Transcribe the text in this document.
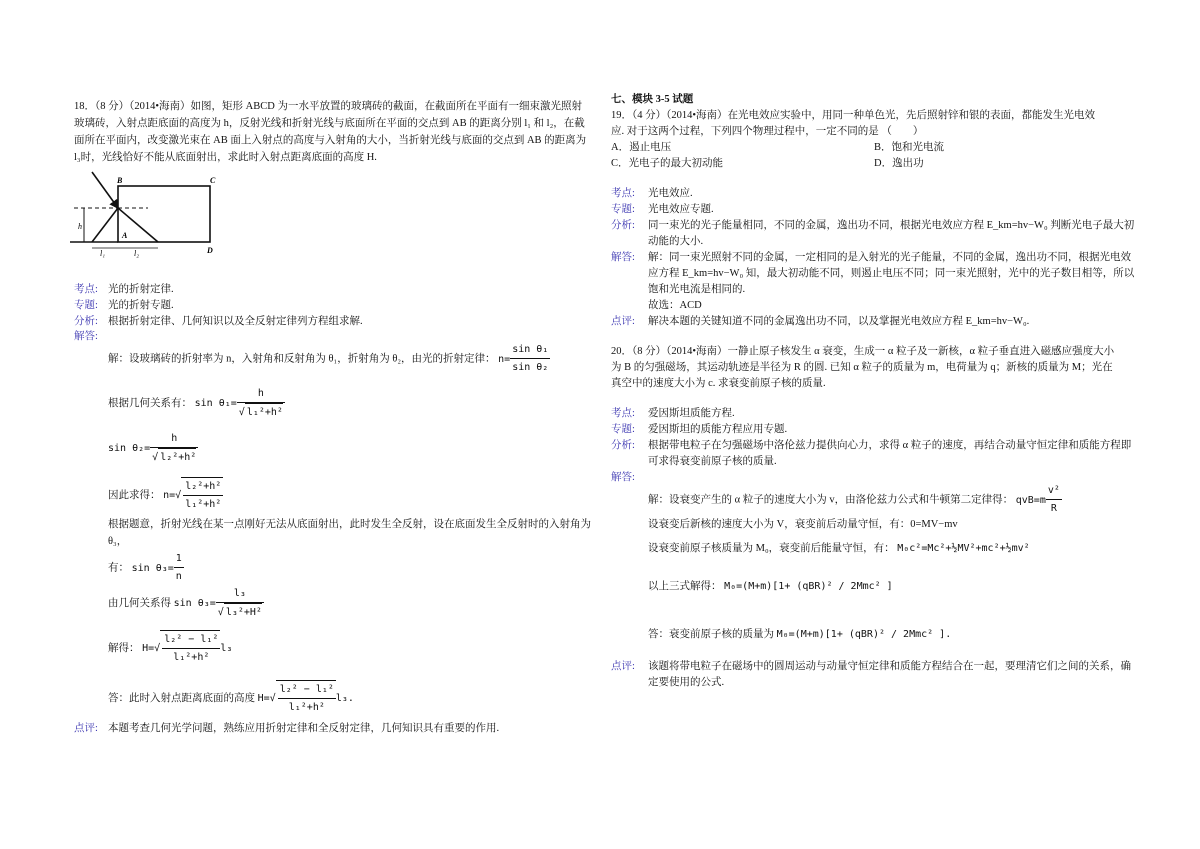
18．（8 分）（2014•海南）如图，矩形 ABCD 为一水平放置的玻璃砖的截面，在截面所在平面有一细束激光照射
玻璃砖，入射点距底面的高度为 h，反射光线和折射光线与底面所在平面的交点到 AB 的距离分别 l₁ 和 l₂，在截
面所在平面内，改变激光束在 AB 面上入射点的高度与入射角的大小，当折射光线与底面的交点到 AB 的距离为
l₃时，光线恰好不能从底面射出，求此时入射点距离底面的高度 H.
B	C
A
D
h
l₁	l₂
考点: 光的折射定律.
专题: 光的折射专题.
分析: 根据折射定律、几何知识以及全反射定律列方程组求解.
解答:
解：设玻璃砖的折射率为 n，入射角和反射角为 θ₁，折射角为 θ₂，由光的折射定律： $n= \frac{\text{sin θ₁}}{\text{sin θ₂}}$
根据几何关系有： $\sin \theta_1= \frac{h}{\text{√ l₁²+h²}}$
$\sin \theta_2= \frac{h}{\text{√ l₂²+h²}}$
因此求得： $n=√ \frac{\text{l₂²+h²}}{\text{l₁²+h²}}$
根据题意，折射光线在某一点刚好无法从底面射出，此时发生全反射，设在底面发生全反射时的入射角为
θ₃，
有： $\sin \theta_3= \frac{1}{n}$
由几何关系得 $\sin \theta_3= \frac{\text{l₃}}{\text{√ l₃²+H²}}$
解得： $H=√ \frac{\text{l₂² − l₁²}}{\text{l₁²+h²}} l_3$
答：此时入射点距离底面的高度 $H=√ \frac{\text{l₂² − l₁²}}{\text{l₁²+h²}} l_3$.
点评: 本题考查几何光学问题，熟练应用折射定律和全反射定律，几何知识具有重要的作用.
七、模块 3-5 试题
19．（4 分）（2014•海南）在光电效应实验中，用同一种单色光，先后照射锌和银的表面，都能发生光电效
应. 对于这两个过程，下列四个物理过程中，一定不同的是 （　　）
A．遏止电压	B．饱和光电流
C．光电子的最大初动能	D．逸出功
考点: 光电效应.
专题: 光电效应专题.
分析: 同一束光的光子能量相同，不同的金属，逸出功不同，根据光电效应方程 E_km=hv−W₀ 判断光电子最大初
动能的大小.
解答: 解：同一束光照射不同的金属，一定相同的是入射光的光子能量，不同的金属，逸出功不同，根据光电效
应方程 E_km=hv−W₀ 知，最大初动能不同，则遏止电压不同；同一束光照射，光中的光子数目相等，所以
饱和光电流是相同的.
故选：ACD
点评: 解决本题的关键知道不同的金属逸出功不同，以及掌握光电效应方程 E_km=hv−W₀.
20．（8 分）（2014•海南）一静止原子核发生 α 衰变，生成一 α 粒子及一新核，α 粒子垂直进入磁感应强度大小
为 B 的匀强磁场，其运动轨迹是半径为 R 的圆. 已知 α 粒子的质量为 m，电荷量为 q；新核的质量为 M；光在
真空中的速度大小为 c. 求衰变前原子核的质量.
考点: 爱因斯坦质能方程.
专题: 爱因斯坦的质能方程应用专题.
分析: 根据带电粒子在匀强磁场中洛伦兹力提供向心力，求得 α 粒子的速度，再结合动量守恒定律和质能方程即
可求得衰变前原子核的质量.
解答:
解：设衰变产生的 α 粒子的速度大小为 v，由洛伦兹力公式和牛顿第二定律得： $qvB=m \frac{\text{v²}}{R}$
设衰变后新核的速度大小为 V，衰变前后动量守恒，有：0=MV−mv
设衰变前原子核质量为 M₀，衰变前后能量守恒，有： M₀c²=Mc²+½MV²+mc²+½mv²
以上三式解得： M₀=(M+m)[1+ (qBR)² / 2Mmc² ]
答：衰变前原子核的质量为 M₀=(M+m)[1+ (qBR)² / 2Mmc² ].
点评: 该题将带电粒子在磁场中的圆周运动与动量守恒定律和质能方程结合在一起，要理清它们之间的关系，确
定要使用的公式.
